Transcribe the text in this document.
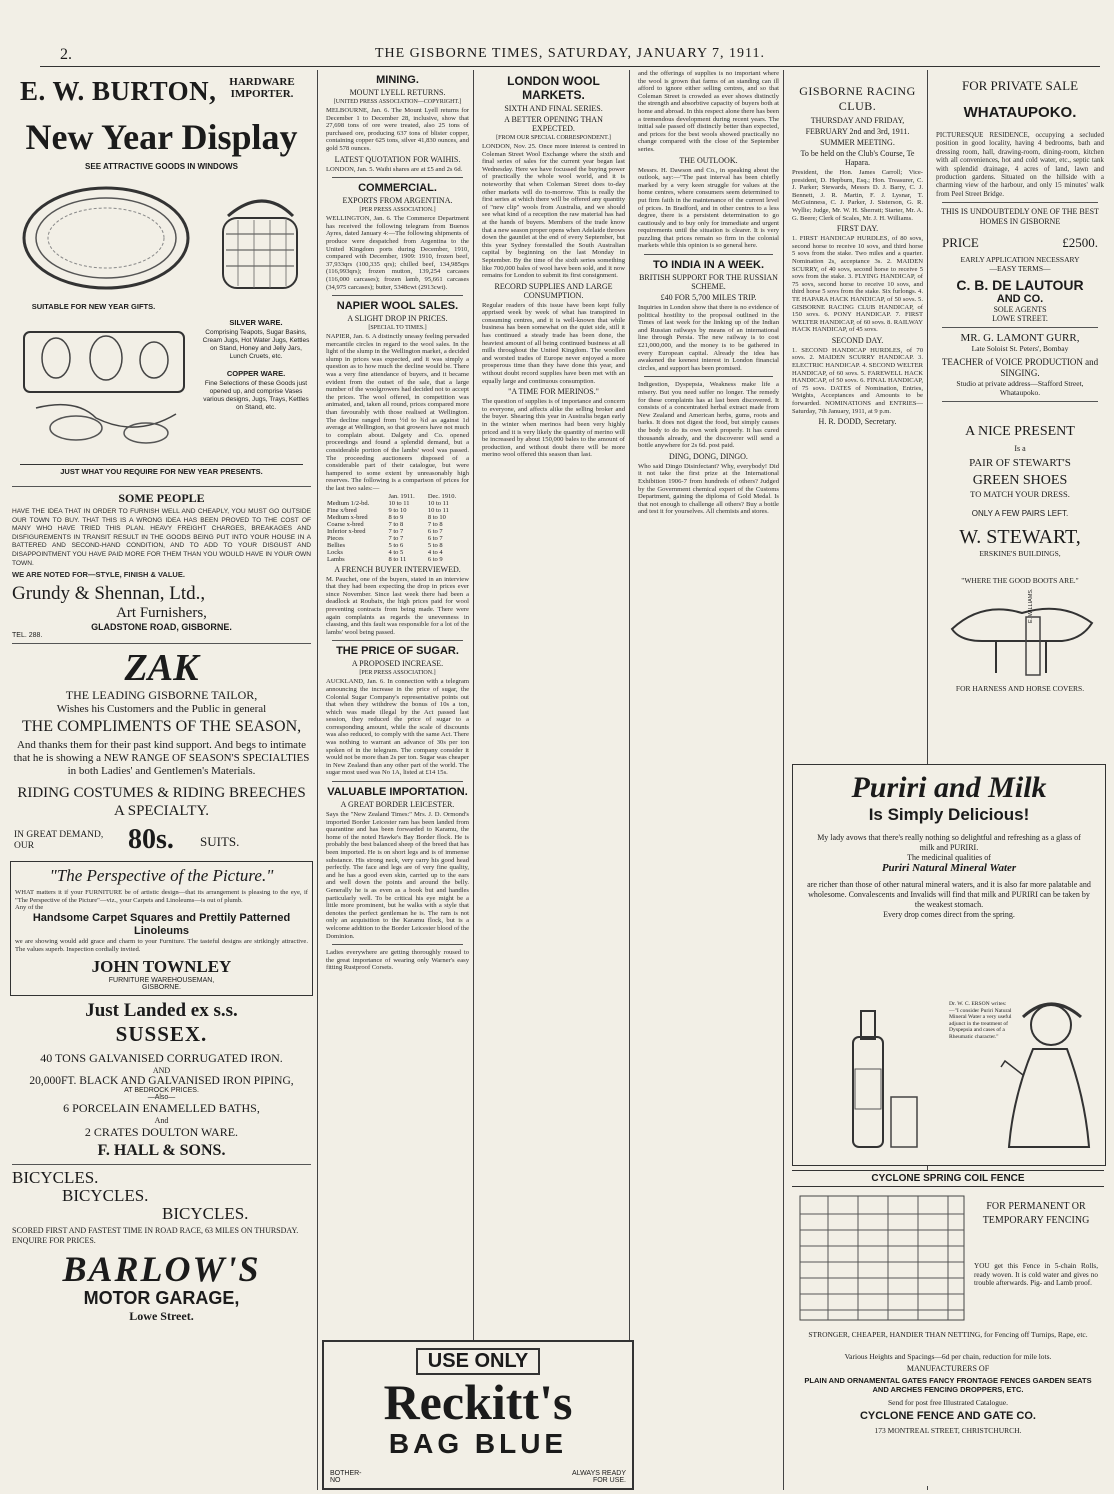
2.	THE GISBORNE TIMES, SATURDAY, JANUARY 7, 1911.
E. W. BURTON,	HARDWARE IMPORTER.
New Year Display
SEE ATTRACTIVE GOODS IN WINDOWS
SUITABLE FOR NEW YEAR GIFTS.
SILVER WARE.
Comprising Teapots, Sugar Basins, Cream Jugs, Hot Water Jugs, Kettles on Stand, Honey and Jelly Jars, Lunch Cruets, etc.
COPPER WARE.
Fine Selections of these Goods just opened up, and comprise Vases various designs, Jugs, Trays, Kettles on Stand, etc.
JUST WHAT YOU REQUIRE FOR NEW YEAR PRESENTS.
SOME PEOPLE
HAVE THE IDEA THAT IN ORDER TO FURNISH WELL AND CHEAPLY, YOU MUST GO OUTSIDE OUR TOWN TO BUY. THAT THIS IS A WRONG IDEA HAS BEEN PROVED TO THE COST OF MANY WHO HAVE TRIED THIS PLAN. HEAVY FREIGHT CHARGES, BREAKAGES AND DISFIGUREMENTS IN TRANSIT RESULT IN THE GOODS BEING PUT INTO YOUR HOUSE IN A BATTERED AND SECOND-HAND CONDITION, AND TO ADD TO YOUR DISGUST AND DISAPPOINTMENT YOU HAVE PAID MORE FOR THEM THAN YOU WOULD HAVE IN YOUR OWN TOWN.
WE ARE NOTED FOR—STYLE, FINISH & VALUE.
Grundy & Shennan, Ltd.,
Art Furnishers,
GLADSTONE ROAD, GISBORNE.
TEL. 288.
ZAK
THE LEADING GISBORNE TAILOR,
Wishes his Customers and the Public in general
THE COMPLIMENTS OF THE SEASON,
And thanks them for their past kind support. And begs to intimate that he is showing a NEW RANGE OF SEASON'S SPECIALTIES in both Ladies' and Gentlemen's Materials.
RIDING COSTUMES & RIDING BREECHES A SPECIALTY.
IN GREAT DEMAND, OUR	80s. SUITS.
"The Perspective of the Picture."
WHAT matters it if your FURNITURE be of artistic design—that its arrangement is pleasing to the eye, if "The Perspective of the Picture"—viz., your Carpets and Linoleums—is out of plumb.
Any of the
Handsome Carpet Squares and Prettily Patterned Linoleums
we are showing would add grace and charm to your Furniture. The tasteful designs are strikingly attractive. The values superb. Inspection cordially invited.
JOHN TOWNLEY
FURNITURE WAREHOUSEMAN,
GISBORNE.
Just Landed ex s.s.
SUSSEX.
40 TONS GALVANISED CORRUGATED IRON.
AND
20,000FT. BLACK AND GALVANISED IRON PIPING,
AT BEDROCK PRICES.
—Also—
6 PORCELAIN ENAMELLED BATHS,
And
2 CRATES DOULTON WARE.
F. HALL & SONS.
BICYCLES.
BICYCLES.
BICYCLES.
SCORED FIRST AND FASTEST TIME IN ROAD RACE, 63 MILES ON THURSDAY. ENQUIRE FOR PRICES.
BARLOW'S
MOTOR GARAGE,
Lowe Street.
MINING.
MOUNT LYELL RETURNS.
[UNITED PRESS ASSOCIATION—COPYRIGHT.]

MELBOURNE, Jan. 6. The Mount Lyell returns for December 1 to December 28, inclusive, show that 27,698 tons of ore were treated, also 25 tons of purchased ore, producing 637 tons of blister copper, containing copper 625 tons, silver 41,830 ounces, and gold 578 ounces.

LATEST QUOTATION FOR WAIHIS.

LONDON, Jan. 5. Waihi shares are at £5 and 2s 6d.

COMMERCIAL.
EXPORTS FROM ARGENTINA.
[PER PRESS ASSOCIATION.]

WELLINGTON, Jan. 6. The Commerce Department has received the following telegram from Buenos Ayres, dated January 4:—The following shipments of produce were despatched from Argentina to the United Kingdom ports during December, 1910, compared with December, 1909: 1910, frozen beef, 37,933qrs (100,335 qrs); chilled beef, 134,985qrs (116,993qrs); frozen mutton, 139,254 carcases (116,000 carcases); frozen lamb, 95,661 carcases (34,975 carcases); butter, 5348cwt (2913cwt).

NAPIER WOOL SALES.
A SLIGHT DROP IN PRICES.
[SPECIAL TO TIMES.]

NAPIER, Jan. 6. A distinctly uneasy feeling pervaded mercantile circles in regard to the wool sales. In the light of the slump in the Wellington market, a decided slump in prices was expected, and it was simply a question as to how much the decline would be. There was a very fine attendance of buyers, and it became evident from the outset of the sale, that a large number of the woolgrowers had decided not to accept the prices. The wool offered, in competition was animated, and, taken all round, prices compared more than favourably with those realised at Wellington. The decline ranged from ½d to ¾d as against 1d average at Wellington, so that growers have not much to complain about. Dalgety and Co. opened proceedings and found a splendid demand, but a considerable portion of the lambs' wool was passed. The proceeding auctioneers disposed of a considerable part of their catalogue, but were hampered to some extent by unreasonably high reserves. The following is a comparison of prices for the last two sales:—

	Jan. 1911.	Dec. 1910.
Medium 1/2-bd.	10 to 11	10 to 11
Fine x/bred	9 to 10	10 to 11
Medium x-bred	8 to 9	8 to 10
Coarse x-bred	7 to 8	7 to 8
Inferior x-bred	7 to 7	6 to 7
Pieces	7 to 7	6 to 7
Bellies	5 to 6	5 to 8
Locks	4 to 5	4 to 4
Lambs	8 to 11	6 to 9
A FRENCH BUYER INTERVIEWED.

M. Pauchet, one of the buyers, stated in an interview that they had been expecting the drop in prices ever since November. Since last week there had been a deadlock at Roubaix, the high prices paid for wool preventing contracts from being made. There were again complaints as regards the unevenness in classing, and this fault was responsible for a lot of the lambs' wool being passed.

THE PRICE OF SUGAR.
A PROPOSED INCREASE.
[PER PRESS ASSOCIATION.]

AUCKLAND, Jan. 6. In connection with a telegram announcing the increase in the price of sugar, the Colonial Sugar Company's representative points out that when they withdrew the bonus of 10s a ton, which was made illegal by the Act passed last session, they reduced the price of sugar to a corresponding amount, while the scale of discounts was also reduced, to comply with the same Act. There was nothing to warrant an advance of 30s per ton spoken of in the telegram. The company consider it would not be more than 2s per ton. Sugar was cheaper in New Zealand than any other part of the world. The sugar most used was No 1A, listed at £14 15s.

VALUABLE IMPORTATION.
A GREAT BORDER LEICESTER.

Says the "New Zealand Times:" Mrs. J. D. Ormond's imported Border Leicester ram has been landed from quarantine and has been forwarded to Karamu, the home of the noted Hawke's Bay Border flock. He is probably the best balanced sheep of the breed that has been imported. He is on short legs and is of immense substance. His strong neck, very carry his good head perfectly. The face and legs are of very fine quality, and he has a good even skin, carried up to the ears and well down the points and around the belly. Generally he is as even as a book but and handles particularly well. To be critical his eye might be a little more prominent, but he walks with a style that denotes the perfect gentleman he is. The ram is not only an acquisition to the Karamu flock, but is a welcome addition to the Border Leicester blood of the Dominion.

Ladies everywhere are getting thoroughly roused to the great importance of wearing only Warner's easy fitting Rustproof Corsets.

LONDON WOOL MARKETS.
SIXTH AND FINAL SERIES.
A BETTER OPENING THAN EXPECTED.
[FROM OUR SPECIAL CORRESPONDENT.]

LONDON, Nov. 25. Once more interest is centred in Coleman Street Wool Exchange where the sixth and final series of sales for the current year began last Wednesday. Here we have focussed the buying power of practically the whole wool world, and it is noteworthy that when Coleman Street does to-day other markets will do to-morrow. This is really the first series at which there will be offered any quantity of "new clip" wools from Australia, and we should see what kind of a reception the raw material has had at the hands of buyers. Members of the trade know that a new season proper opens when Adelaide throws down the gauntlet at the end of every September, but this year Sydney forestalled the South Australian capital by beginning on the last Monday in September. By the time of the sixth series something like 700,000 bales of wool have been sold, and it now remains for London to submit its first consignment.

RECORD SUPPLIES AND LARGE CONSUMPTION.

Regular readers of this issue have been kept fully apprised week by week of what has transpired in consuming centres, and it is well-known that while business has been somewhat on the quiet side, still it has continued a steady trade has been done, the heaviest amount of all being continued business at all mills throughout the United Kingdom. The woollen and worsted trades of Europe never enjoyed a more prosperous time than they have done this year, and without doubt record supplies have been met with an equally large and continuous consumption.

"A TIME FOR MERINOS."

The question of supplies is of importance and concern to everyone, and affects alike the selling broker and the buyer. Shearing this year in Australia began early in the winter when merinos had been very highly priced and it is very likely the quantity of merino will be increased by about 150,000 bales to the amount of production, and without doubt there will be more merino wool offered this season than last.

USE ONLY
Reckitt's
BAG BLUE
BOTHER-NO
ALWAYS READY FOR USE.

and the offerings of supplies is no important where the wool is grown that farms of an standing can ill afford to ignore either selling centres, and so that Coleman Street is crowded as ever shows distinctly the strength and absorbtive capacity of buyers both at home and abroad. In this respect alone there has been a tremendous development during recent years. The initial sale passed off distinctly better than expected, and prices for the best wools showed practically no change compared with the close of the September series.

THE OUTLOOK.

Messrs. H. Dawson and Co., in speaking about the outlook, say:—"The past interval has been chiefly marked by a very keen struggle for values at the home centres, where consumers seem determined to put firm faith in the maintenance of the current level of prices. In Bradford, and in other centres to a less degree, there is a persistent determination to go cautiously and to buy only for immediate and urgent requirements until the situation is clearer. It is very puzzling that prices remain so firm in the colonial markets while this opinion is so general here.

TO INDIA IN A WEEK.
BRITISH SUPPORT FOR THE RUSSIAN SCHEME.
£40 FOR 5,700 MILES TRIP.

Inquiries in London show that there is no evidence of political hostility to the proposal outlined in the Times of last week for the linking up of the Indian and Russian railways by means of an international line through Persia. The new railway is to cost £21,000,000, and the money is to be gathered in every European capital. Already the idea has awakened the keenest interest in London financial circles, and support has been promised.

Indigestion, Dyspepsia, Weakness make life a misery. But you need suffer no longer. The remedy for these complaints has at last been discovered. It consists of a concentrated herbal extract made from New Zealand and American herbs, gums, roots and barks. It does not digest the food, but simply causes the body to do its own work properly. It has cured thousands already, and the discoverer will send a bottle anywhere for 2s 6d. post paid.

DING, DONG, DINGO.

Who said Dingo Disinfectant? Why, everybody! Did it not take the first prize at the International Exhibition 1906-7 from hundreds of others? Judged by the Government chemical expert of the Customs Department, gaining the diploma of Gold Medal. Is that not enough to challenge all others? Buy a bottle and test it for yourselves. All chemists and stores.

GISBORNE RACING CLUB.
THURSDAY AND FRIDAY,
FEBRUARY 2nd and 3rd, 1911.
SUMMER MEETING.
To be held on the Club's Course, Te Hapara.

President, the Hon. James Carroll; Vice-president, D. Hepburn, Esq.; Hon. Treasurer, C. J. Parker; Stewards, Messrs D. J. Barry, C. J. Bennett, J. R. Martin, F. J. Lysnar, T. McGuinness, C. J. Parker, J. Sisterson, G. R. Wyllie; Judge, Mr. W. H. Sherratt; Starter, Mr. A. G. Beere; Clerk of Scales, Mr. J. H. Williams.

FIRST DAY.

1. FIRST HANDICAP HURDLES, of 80 sovs, second horse to receive 10 sovs, and third horse 5 sovs from the stake. Two miles and a quarter. Nomination 2s, acceptance 3s. 2. MAIDEN SCURRY, of 40 sovs, second horse to receive 5 sovs from the stake. 3. FLYING HANDICAP, of 75 sovs, second horse to receive 10 sovs, and third horse 5 sovs from the stake. Six furlongs. 4. TE HAPARA HACK HANDICAP, of 50 sovs. 5. GISBORNE RACING CLUB HANDICAP, of 150 sovs. 6. PONY HANDICAP. 7. FIRST WELTER HANDICAP, of 60 sovs. 8. RAILWAY HACK HANDICAP, of 45 sovs.

SECOND DAY.

1. SECOND HANDICAP HURDLES, of 70 sovs. 2. MAIDEN SCURRY HANDICAP. 3. ELECTRIC HANDICAP. 4. SECOND WELTER HANDICAP, of 60 sovs. 5. FAREWELL HACK HANDICAP, of 50 sovs. 6. FINAL HANDICAP, of 75 sovs. DATES of Nomination, Entries, Weights, Acceptances and Amounts to be forwarded. NOMINATIONS and ENTRIES—Saturday, 7th January, 1911, at 9 p.m.

H. R. DODD, Secretary.
Puriri and Milk
Is Simply Delicious!
My lady avows that there's really nothing so delightful and refreshing as a glass of milk and PURIRI.
The medicinal qualities of
Puriri Natural Mineral Water
are richer than those of other natural mineral waters, and it is also far more palatable and wholesome. Convalescents and Invalids will find that milk and PURIRI can be taken by the weakest stomach.
Every drop comes direct from the spring.
Dr. W. C. ERSON writes:—"I consider Puriri Natural Mineral Water a very useful adjunct in the treatment of Dyspepsia and cases of a Rheumatic character."
CYCLONE SPRING COIL FENCE
FOR PERMANENT OR TEMPORARY FENCING
YOU get this Fence in 5-chain Rolls, ready woven. It is cold water and gives no trouble afterwards. Pig- and Lamb proof.
STRONGER, CHEAPER, HANDIER THAN NETTING, for Fencing off Turnips, Rape, etc.
Various Heights and Spacings—6d per chain, reduction for mile lots.
MANUFACTURERS OF
PLAIN AND ORNAMENTAL GATES FANCY FRONTAGE FENCES GARDEN SEATS AND ARCHES FENCING DROPPERS, ETC.
Send for post free Illustrated Catalogue.
CYCLONE FENCE AND GATE CO.
173 MONTREAL STREET, CHRISTCHURCH.
FOR PRIVATE SALE
WHATAUPOKO.

PICTURESQUE RESIDENCE, occupying a secluded position in good locality, having 4 bedrooms, bath and dressing room, hall, drawing-room, dining-room, kitchen with all conveniences, hot and cold water, etc., septic tank with splendid drainage, 4 acres of land, lawn and production gardens. Situated on the hillside with a charming view of the harbour, and only 15 minutes' walk from Peel Street Bridge.

THIS IS UNDOUBTEDLY ONE OF THE BEST HOMES IN GISBORNE
PRICE	£2500.
EARLY APPLICATION NECESSARY
—EASY TERMS—
C. B. DE LAUTOUR
AND CO.
SOLE AGENTS
LOWE STREET.
MR. G. LAMONT GURR,
Late Soloist St. Peters', Bombay
TEACHER of VOICE PRODUCTION and SINGING.
Studio at private address—Stafford Street, Whataupoko.
A NICE PRESENT
Is a
PAIR OF STEWART'S
GREEN SHOES
TO MATCH YOUR DRESS.
ONLY A FEW PAIRS LEFT.
W. STEWART,
ERSKINE'S BUILDINGS,
"WHERE THE GOOD BOOTS ARE."
FOR HARNESS AND HORSE COVERS.
E. WILLIAMS.
